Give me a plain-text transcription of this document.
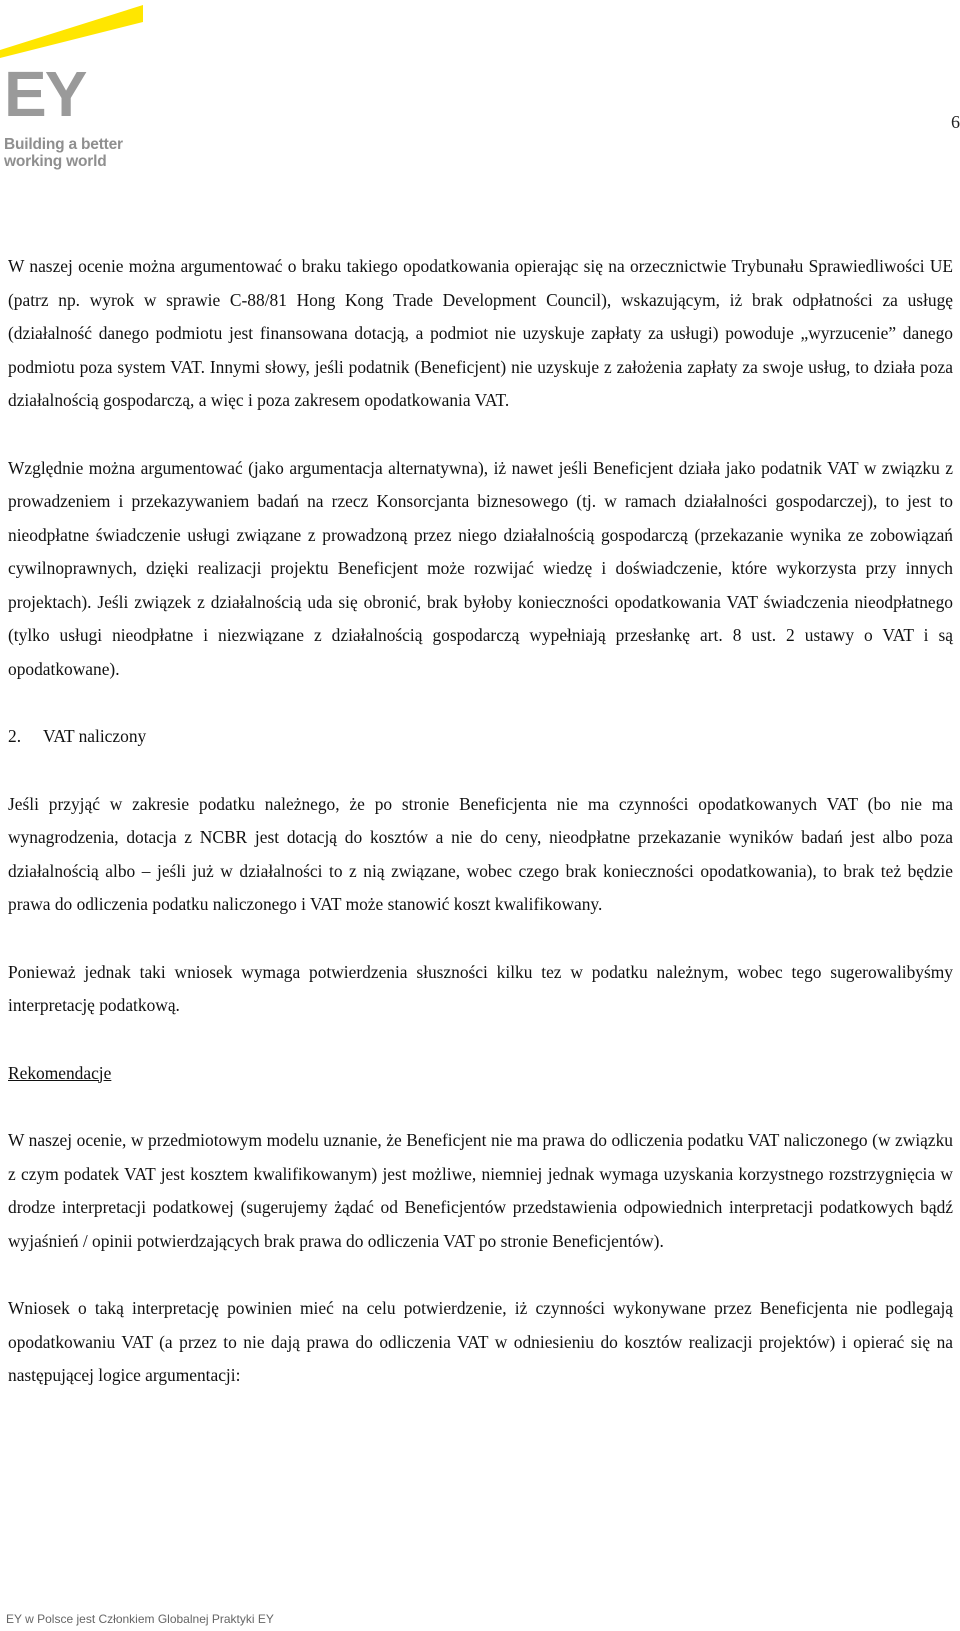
EY
Building a better
working world
6

W naszej ocenie można argumentować o braku takiego opodatkowania opierając się na orzecznictwie Trybunału Sprawiedliwości UE (patrz np. wyrok w sprawie C-88/81 Hong Kong Trade Development Council), wskazującym, iż brak odpłatności za usługę (działalność danego podmiotu jest finansowana dotacją, a podmiot nie uzyskuje zapłaty za usługi) powoduje „wyrzucenie” danego podmiotu poza system VAT. Innymi słowy, jeśli podatnik (Beneficjent) nie uzyskuje z założenia zapłaty za swoje usług, to działa poza działalnością gospodarczą, a więc i poza zakresem opodatkowania VAT.

Względnie można argumentować (jako argumentacja alternatywna), iż nawet jeśli Beneficjent działa jako podatnik VAT w związku z prowadzeniem i przekazywaniem badań na rzecz Konsorcjanta biznesowego (tj. w ramach działalności gospodarczej), to jest to nieodpłatne świadczenie usługi związane z prowadzoną przez niego działalnością gospodarczą (przekazanie wynika ze zobowiązań cywilnoprawnych, dzięki realizacji projektu Beneficjent może rozwijać wiedzę i doświadczenie, które wykorzysta przy innych projektach). Jeśli związek z działalnością uda się obronić, brak byłoby konieczności opodatkowania VAT świadczenia nieodpłatnego (tylko usługi nieodpłatne i niezwiązane z działalnością gospodarczą wypełniają przesłankę art. 8 ust. 2 ustawy o VAT i są opodatkowane).

2. VAT naliczony

Jeśli przyjąć w zakresie podatku należnego, że po stronie Beneficjenta nie ma czynności opodatkowanych VAT (bo nie ma wynagrodzenia, dotacja z NCBR jest dotacją do kosztów a nie do ceny, nieodpłatne przekazanie wyników badań jest albo poza działalnością albo – jeśli już w działalności to z nią związane, wobec czego brak konieczności opodatkowania), to brak też będzie prawa do odliczenia podatku naliczonego i VAT może stanowić koszt kwalifikowany.

Ponieważ jednak taki wniosek wymaga potwierdzenia słuszności kilku tez w podatku należnym, wobec tego sugerowalibyśmy interpretację podatkową.

Rekomendacje

W naszej ocenie, w przedmiotowym modelu uznanie, że Beneficjent nie ma prawa do odliczenia podatku VAT naliczonego (w związku z czym podatek VAT jest kosztem kwalifikowanym) jest możliwe, niemniej jednak wymaga uzyskania korzystnego rozstrzygnięcia w drodze interpretacji podatkowej (sugerujemy żądać od Beneficjentów przedstawienia odpowiednich interpretacji podatkowych bądź wyjaśnień / opinii potwierdzających brak prawa do odliczenia VAT po stronie Beneficjentów).

Wniosek o taką interpretację powinien mieć na celu potwierdzenie, iż czynności wykonywane przez Beneficjenta nie podlegają opodatkowaniu VAT (a przez to nie dają prawa do odliczenia VAT w odniesieniu do kosztów realizacji projektów) i opierać się na następującej logice argumentacji:

EY w Polsce jest Członkiem Globalnej Praktyki EY
